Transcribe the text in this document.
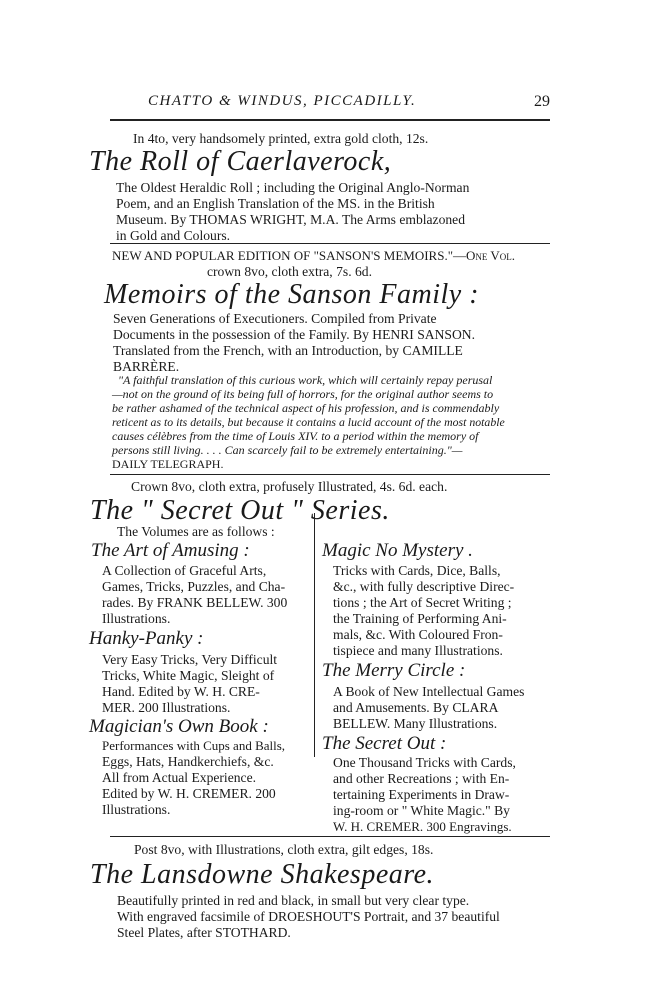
CHATTO & WINDUS, PICCADILLY.	29
In 4to, very handsomely printed, extra gold cloth, 12s.
The Roll of Caerlaverock,
The Oldest Heraldic Roll ; including the Original Anglo-Norman
Poem, and an English Translation of the MS. in the British
Museum. By THOMAS WRIGHT, M.A. The Arms emblazoned
in Gold and Colours.
NEW AND POPULAR EDITION OF "SANSON'S MEMOIRS."—One Vol.
crown 8vo, cloth extra, 7s. 6d.
Memoirs of the Sanson Family :
Seven Generations of Executioners. Compiled from Private
Documents in the possession of the Family. By HENRI SANSON.
Translated from the French, with an Introduction, by CAMILLE
BARRÈRE.
"A faithful translation of this curious work, which will certainly repay perusal
—not on the ground of its being full of horrors, for the original author seems to
be rather ashamed of the technical aspect of his profession, and is commendably
reticent as to its details, but because it contains a lucid account of the most notable
causes célèbres from the time of Louis XIV. to a period within the memory of
persons still living. . . . Can scarcely fail to be extremely entertaining."—
DAILY TELEGRAPH.
Crown 8vo, cloth extra, profusely Illustrated, 4s. 6d. each.
The " Secret Out " Series.
The Volumes are as follows :
The Art of Amusing :
A Collection of Graceful Arts,
Games, Tricks, Puzzles, and Cha-
rades. By FRANK BELLEW. 300
Illustrations.
Hanky-Panky :
Very Easy Tricks, Very Difficult
Tricks, White Magic, Sleight of
Hand. Edited by W. H. CRE-
MER. 200 Illustrations.
Magician's Own Book :
Performances with Cups and Balls,
Eggs, Hats, Handkerchiefs, &c.
All from Actual Experience.
Edited by W. H. CREMER. 200
Illustrations.
Magic No Mystery .
Tricks with Cards, Dice, Balls,
&c., with fully descriptive Direc-
tions ; the Art of Secret Writing ;
the Training of Performing Ani-
mals, &c. With Coloured Fron-
tispiece and many Illustrations.
The Merry Circle :
A Book of New Intellectual Games
and Amusements. By CLARA
BELLEW. Many Illustrations.
The Secret Out :
One Thousand Tricks with Cards,
and other Recreations ; with En-
tertaining Experiments in Draw-
ing-room or " White Magic." By
W. H. CREMER. 300 Engravings.
Post 8vo, with Illustrations, cloth extra, gilt edges, 18s.
The Lansdowne Shakespeare.
Beautifully printed in red and black, in small but very clear type.
With engraved facsimile of DROESHOUT'S Portrait, and 37 beautiful
Steel Plates, after STOTHARD.
